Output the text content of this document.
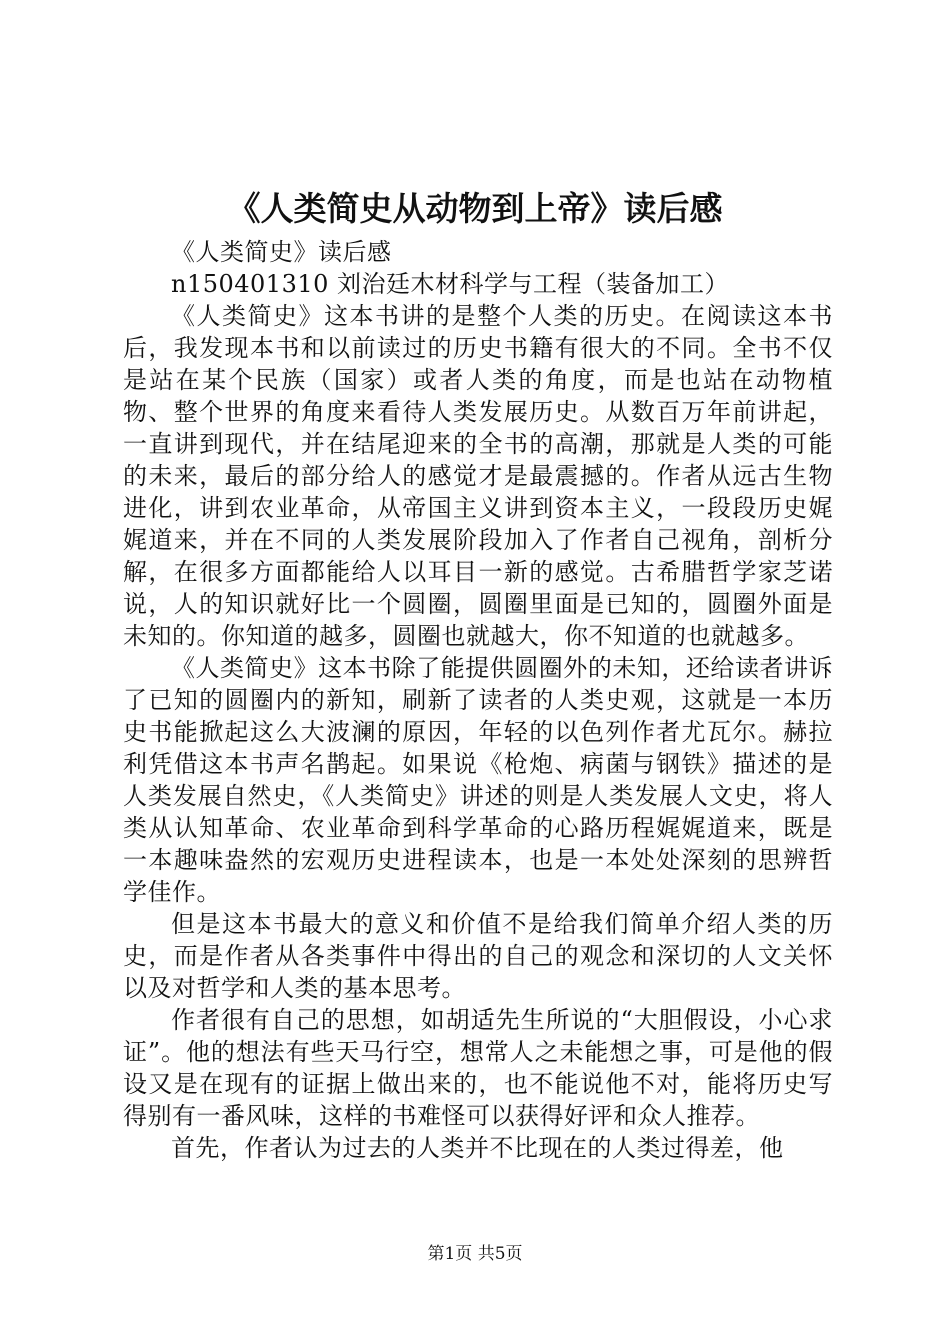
《人类简史从动物到上帝》读后感
《人类简史》读后感
n150401310 刘治廷木材科学与工程（装备加工）

《人类简史》这本书讲的是整个人类的历史。在阅读这本书后，我发现本书和以前读过的历史书籍有很大的不同。全书不仅是站在某个民族（国家）或者人类的角度，而是也站在动物植物、整个世界的角度来看待人类发展历史。从数百万年前讲起，一直讲到现代，并在结尾迎来的全书的高潮，那就是人类的可能的未来，最后的部分给人的感觉才是最震撼的。作者从远古生物进化，讲到农业革命，从帝国主义讲到资本主义，一段段历史娓娓道来，并在不同的人类发展阶段加入了作者自己视角，剖析分解，在很多方面都能给人以耳目一新的感觉。古希腊哲学家芝诺说，人的知识就好比一个圆圈，圆圈里面是已知的，圆圈外面是未知的。你知道的越多，圆圈也就越大，你不知道的也就越多。

《人类简史》这本书除了能提供圆圈外的未知，还给读者讲诉了已知的圆圈内的新知，刷新了读者的人类史观，这就是一本历史书能掀起这么大波澜的原因，年轻的以色列作者尤瓦尔。赫拉利凭借这本书声名鹊起。如果说《枪炮、病菌与钢铁》描述的是人类发展自然史，《人类简史》讲述的则是人类发展人文史，将人类从认知革命、农业革命到科学革命的心路历程娓娓道来，既是一本趣味盎然的宏观历史进程读本，也是一本处处深刻的思辨哲学佳作。

但是这本书最大的意义和价值不是给我们简单介绍人类的历史，而是作者从各类事件中得出的自己的观念和深切的人文关怀以及对哲学和人类的基本思考。

作者很有自己的思想，如胡适先生所说的“大胆假设，小心求证”。他的想法有些天马行空，想常人之未能想之事，可是他的假设又是在现有的证据上做出来的，也不能说他不对，能将历史写得别有一番风味，这样的书难怪可以获得好评和众人推荐。

首先，作者认为过去的人类并不比现在的人类过得差，他

第1页 共5页
